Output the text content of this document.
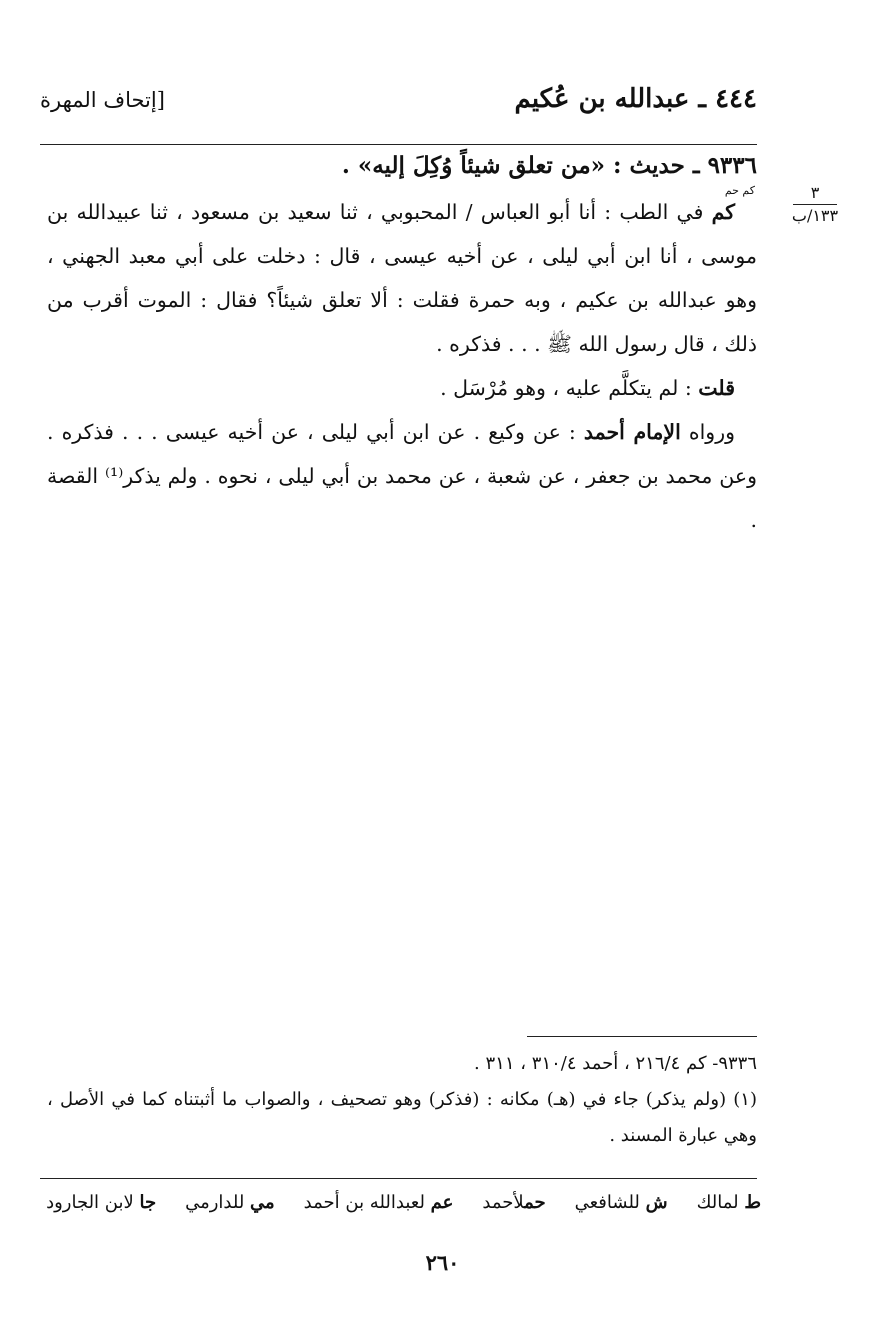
٤٤٤ ـ عبدالله بن عُكيم
[إتحاف المهرة
٣
١٣٣/ب
٩٣٣٦ ـ حديث : «من تعلق شيئاً وُكِلَ إليه» .
كم حم

كم في الطب : أنا أبو العباس / المحبوبي ، ثنا سعيد بن مسعود ، ثنا عبيدالله بن موسى ، أنا ابن أبي ليلى ، عن أخيه عيسى ، قال : دخلت على أبي معبد الجهني ، وهو عبدالله بن عكيم ، وبه حمرة فقلت : ألا تعلق شيئاً؟ فقال : الموت أقرب من ذلك ، قال رسول الله ﷺ . . . فذكره .

قلت : لم يتكلَّم عليه ، وهو مُرْسَل .

ورواه الإمام أحمد : عن وكيع . عن ابن أبي ليلى ، عن أخيه عيسى . . . فذكره . وعن محمد بن جعفر ، عن شعبة ، عن محمد بن أبي ليلى ، نحوه . ولم يذكر⁽¹⁾ القصة .

٩٣٣٦- كم ٢١٦/٤ ، أحمد ٣١٠/٤ ، ٣١١ .

(١) (ولم يذكر) جاء في (هـ) مكانه : (فذكر) وهو تصحيف ، والصواب ما أثبتناه كما في الأصل ، وهي عبارة المسند .

ط لمالك
ش للشافعي
حملأحمد
عم لعبدالله بن أحمد
مي للدارمي
جا لابن الجارود
٢٦٠
